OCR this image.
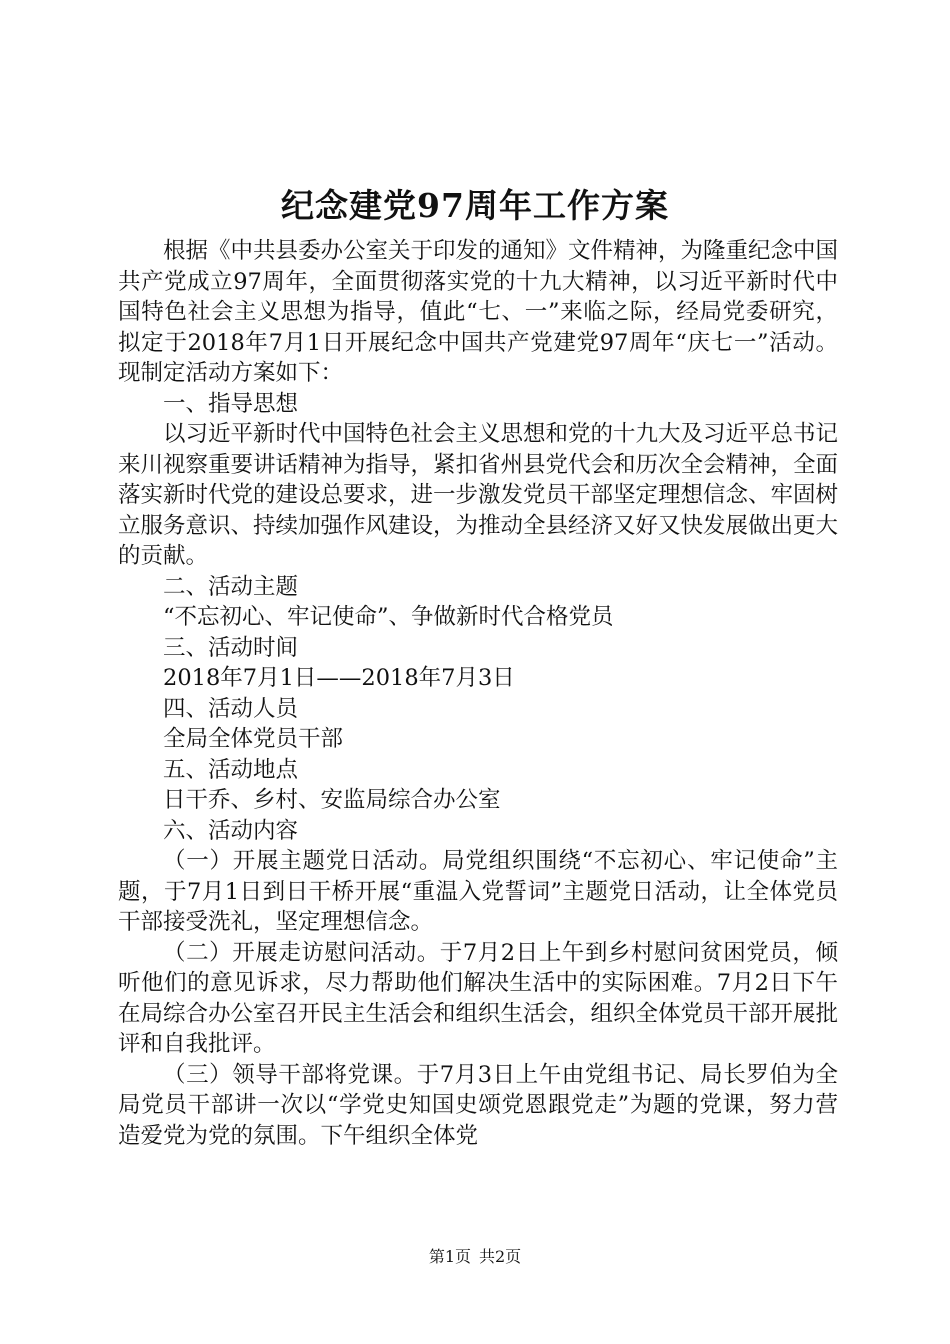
纪念建党97周年工作方案

根据《中共县委办公室关于印发的通知》文件精神，为隆重纪念中国共产党成立97周年，全面贯彻落实党的十九大精神，以习近平新时代中国特色社会主义思想为指导，值此“七、一”来临之际，经局党委研究，拟定于2018年7月1日开展纪念中国共产党建党97周年“庆七一”活动。现制定活动方案如下：

一、指导思想

以习近平新时代中国特色社会主义思想和党的十九大及习近平总书记来川视察重要讲话精神为指导，紧扣省州县党代会和历次全会精神，全面落实新时代党的建设总要求，进一步激发党员干部坚定理想信念、牢固树立服务意识、持续加强作风建设，为推动全县经济又好又快发展做出更大的贡献。

二、活动主题

“不忘初心、牢记使命”、争做新时代合格党员

三、活动时间

2018年7月1日——2018年7月3日

四、活动人员

全局全体党员干部

五、活动地点

日干乔、乡村、安监局综合办公室

六、活动内容

（一）开展主题党日活动。局党组织围绕“不忘初心、牢记使命”主题，于7月1日到日干桥开展“重温入党誓词”主题党日活动，让全体党员干部接受洗礼，坚定理想信念。

（二）开展走访慰问活动。于7月2日上午到乡村慰问贫困党员，倾听他们的意见诉求，尽力帮助他们解决生活中的实际困难。7月2日下午在局综合办公室召开民主生活会和组织生活会，组织全体党员干部开展批评和自我批评。

（三）领导干部将党课。于7月3日上午由党组书记、局长罗伯为全局党员干部讲一次以“学党史知国史颂党恩跟党走”为题的党课，努力营造爱党为党的氛围。下午组织全体党

第1页 共2页
